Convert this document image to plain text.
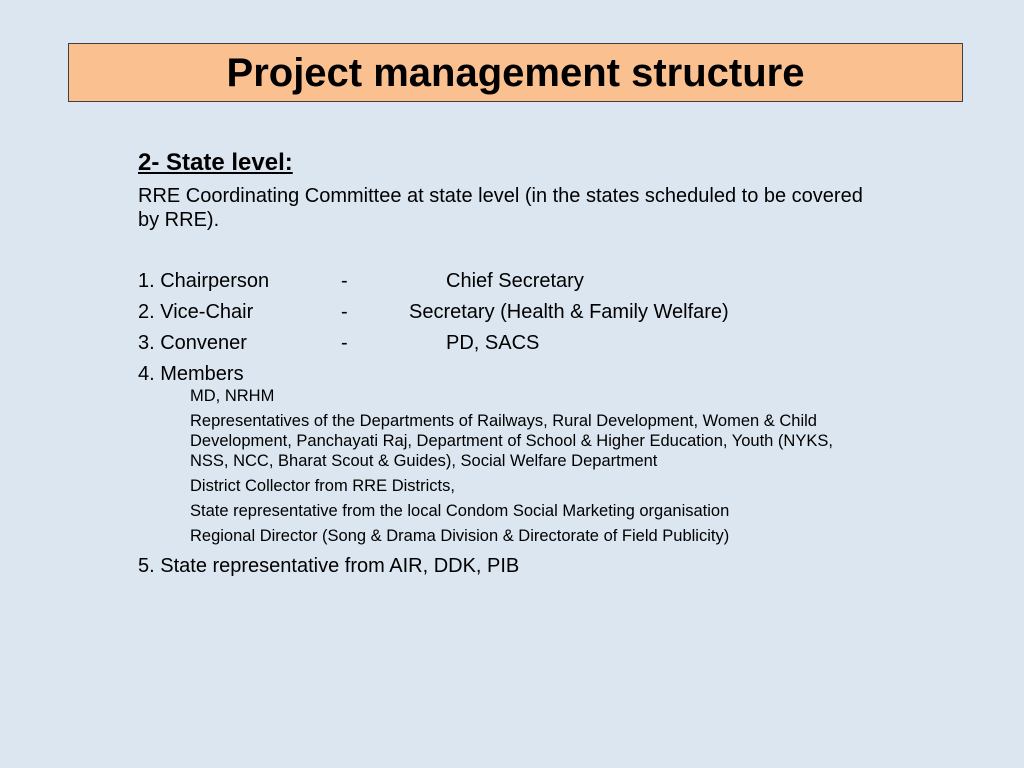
Project management structure
2- State level:
RRE Coordinating Committee at state level (in the states scheduled to be covered by RRE).
1. Chairperson	-	Chief Secretary
2. Vice-Chair	-	Secretary (Health & Family Welfare)
3. Convener	-	PD, SACS
4. Members
MD, NRHM
Representatives of the Departments of Railways, Rural Development, Women & Child Development, Panchayati Raj, Department of School & Higher Education, Youth (NYKS, NSS, NCC, Bharat Scout & Guides), Social Welfare Department
District Collector from RRE Districts,
State representative from the local Condom Social Marketing organisation
Regional Director (Song & Drama Division & Directorate of Field Publicity)
5. State representative from AIR, DDK, PIB
